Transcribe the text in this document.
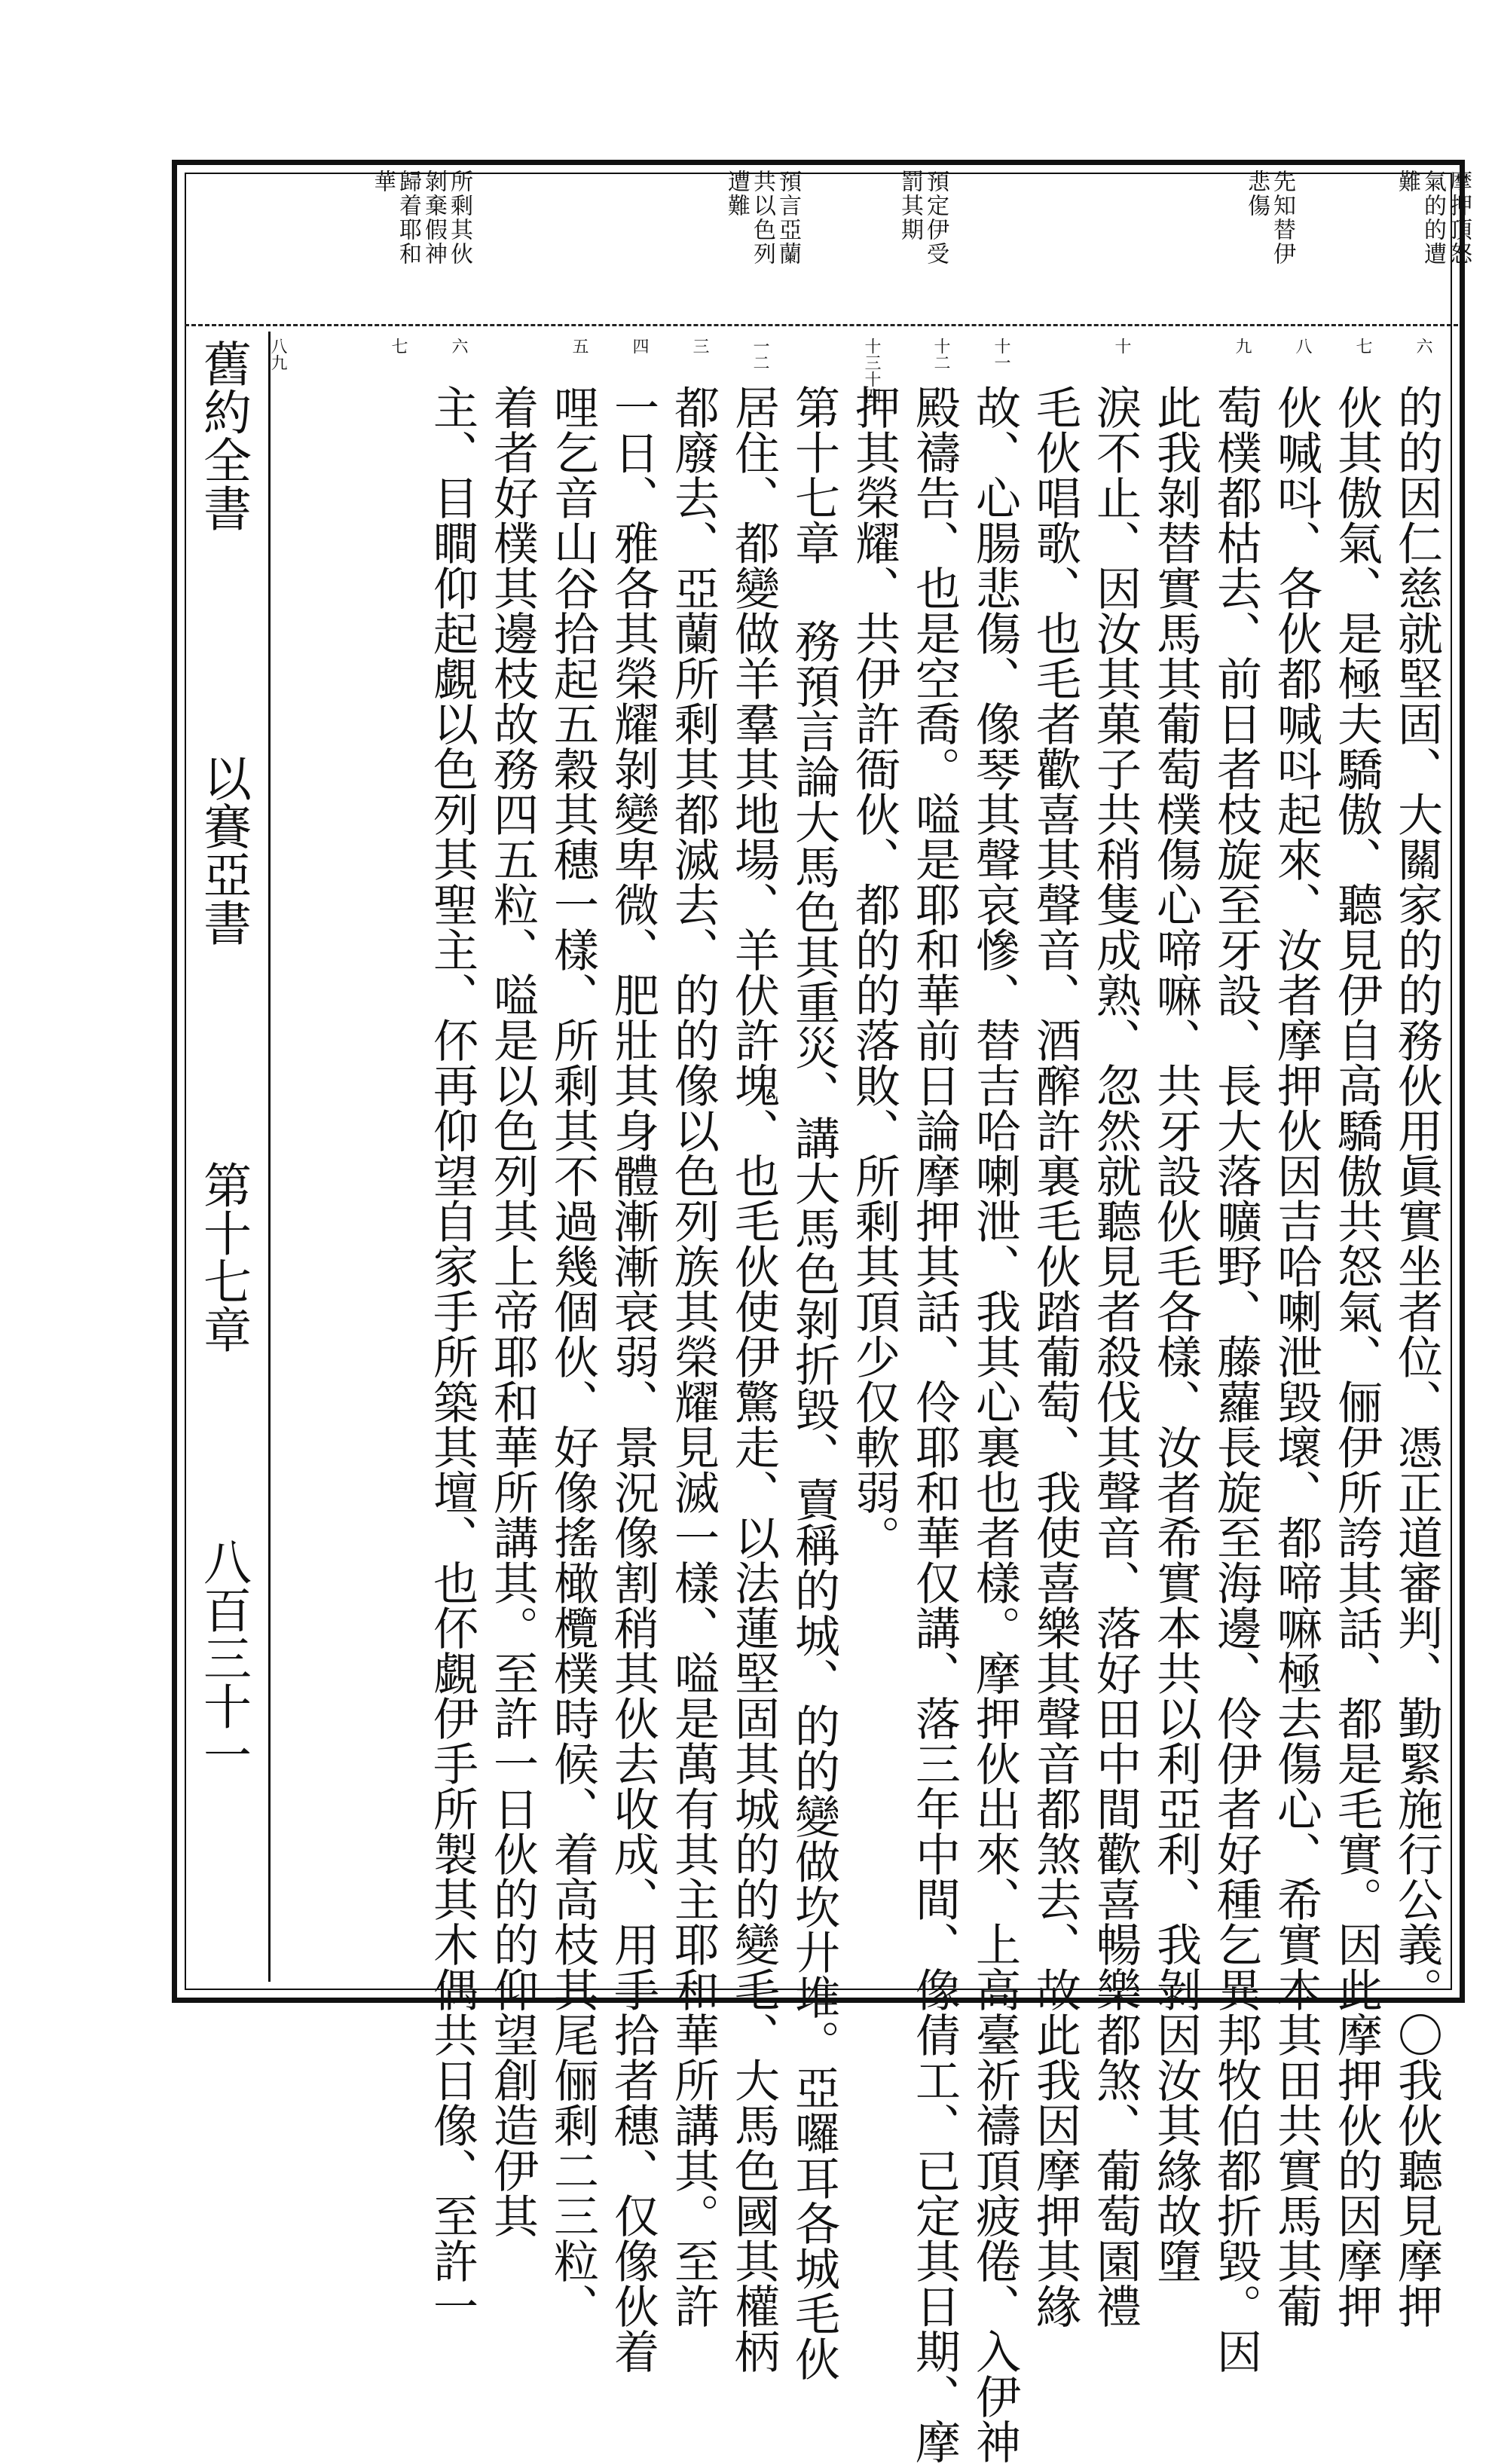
摩押頂怒
氣的的遭
難
先知替伊
悲傷
預定伊受
罰其期
預言亞蘭
共以色列
遭難
所剩其伙
剝棄假神
歸着耶和
華
六
七
八
九
十
十一
十二
十三十四
一二
三
四
五
六
七
八九
舊約全書
以賽亞書
第十七章
八百三十一	的的因仁慈就堅固、大關家的的務伙用眞實坐者位、憑正道審判、勤緊施行公義。〇我伙聽見摩押
伙其傲氣、是極夫驕傲、聽見伊自高驕傲共怒氣、俪伊所誇其話、都是毛實。因此摩押伙的因摩押
伙喊呌、各伙都喊呌起來、汝者摩押伙因吉哈喇泄毀壞、都啼嘛極去傷心、希實本其田共實馬其葡
萄樸都枯去、前日者枝旋至牙設、長大落曠野、藤蘿長旋至海邊、伶伊者好種乞異邦牧伯都折毀。因
此我剝替實馬其葡萄樸傷心啼嘛、共牙設伙毛各樣、汝者希實本共以利亞利、我剝因汝其緣故墮
淚不止、因汝其菓子共稍隻成熟、忽然就聽見者殺伐其聲音、落好田中間歡喜暢樂都煞、葡萄園禮
毛伙唱歌、也毛者歡喜其聲音、酒醡許裏毛伙踏葡萄、我使喜樂其聲音都煞去、故此我因摩押其緣
故、心腸悲傷、像琴其聲哀慘、替吉哈喇泄、我其心裏也者樣。摩押伙出來、上高臺祈禱頂疲倦、入伊神
殿禱告、也是空喬。嗌是耶和華前日論摩押其話、伶耶和華仅講、落三年中間、像倩工、已定其日期、摩
押其榮耀、共伊許衙伙、都的的落敗、所剩其頂少仅軟弱。
第十七章 務預言論大馬色其重災、講大馬色剝折毀、賣稱的城、的的變做坎廾堆。亞囉耳各城毛伙
居住、都變做羊羣其地場、羊伏許塊、也毛伙使伊驚走、以法蓮堅固其城的的變毛、大馬色國其權柄
都廢去、亞蘭所剩其都滅去、的的像以色列族其榮耀見滅一樣、嗌是萬有其主耶和華所講其。至許
一日、雅各其榮耀剝變卑微、肥壯其身體漸漸衰弱、景況像割稍其伙去收成、用手拾者穗、仅像伙着
哩乞音山谷拾起五穀其穗一樣、所剩其不過幾個伙、好像搖橄欖樸時候、着高枝其尾俪剩二三粒、
着者好樸其邊枝故務四五粒、嗌是以色列其上帝耶和華所講其。至許一日伙的的仰望創造伊其
主、目瞷仰起覷以色列其聖主、伓再仰望自家手所築其壇、也伓覷伊手所製其木偶共日像、至許一
